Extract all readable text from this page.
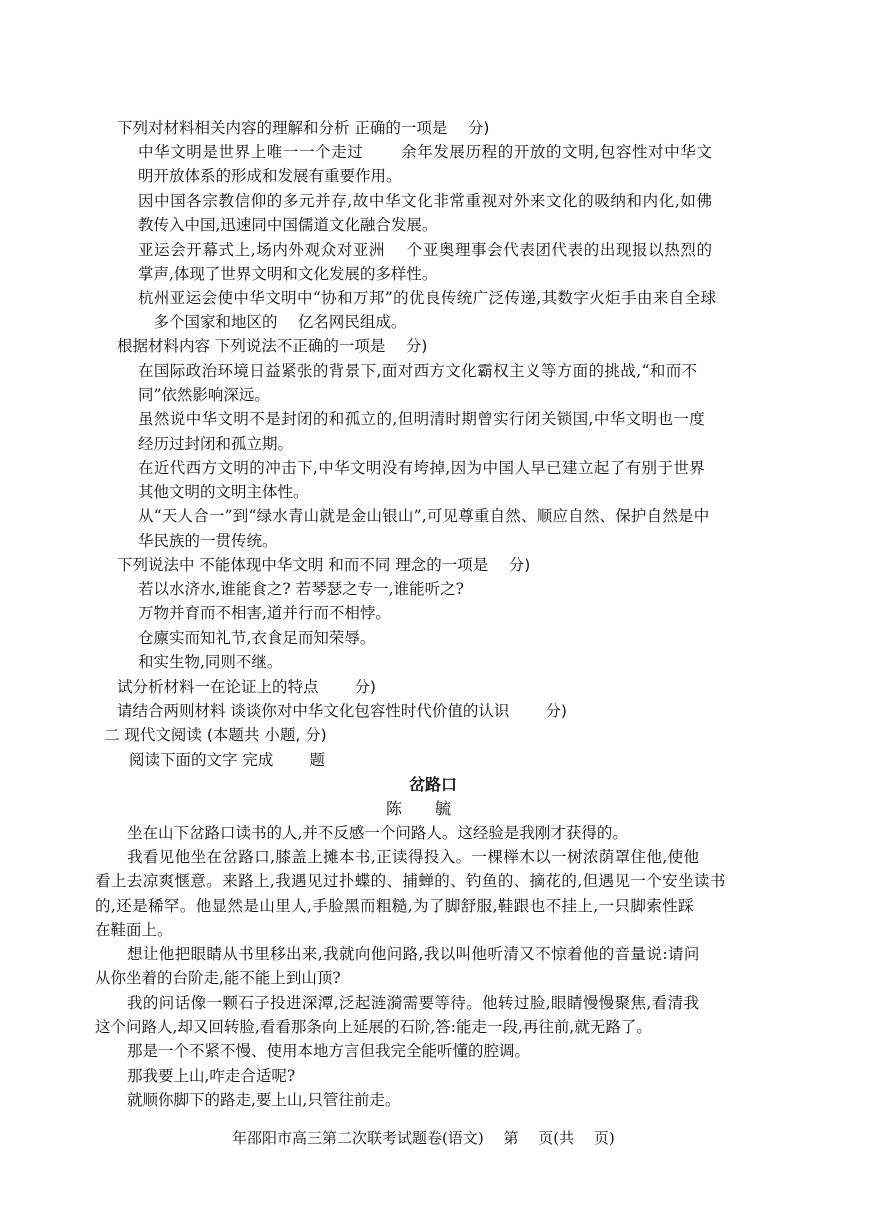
下列对材料相关内容的理解和分析 正确的一项是 　分)
中华文明是世界上唯一一个走过 　　余年发展历程的开放的文明,包容性对中华文
明开放体系的形成和发展有重要作用。
因中国各宗教信仰的多元并存,故中华文化非常重视对外来文化的吸纳和内化,如佛
教传入中国,迅速同中国儒道文化融合发展。
亚运会开幕式上,场内外观众对亚洲 　个亚奥理事会代表团代表的出现报以热烈的
掌声,体现了世界文明和文化发展的多样性。
杭州亚运会使中华文明中“协和万邦”的优良传统广泛传递,其数字火炬手由来自全球
　多个国家和地区的 　亿名网民组成。
根据材料内容 下列说法不正确的一项是 　分)
在国际政治环境日益紧张的背景下,面对西方文化霸权主义等方面的挑战,“和而不
同”依然影响深远。
虽然说中华文明不是封闭的和孤立的,但明清时期曾实行闭关锁国,中华文明也一度
经历过封闭和孤立期。
在近代西方文明的冲击下,中华文明没有垮掉,因为中国人早已建立起了有别于世界
其他文明的文明主体性。
从“天人合一”到“绿水青山就是金山银山”,可见尊重自然、顺应自然、保护自然是中
华民族的一贯传统。
下列说法中 不能体现中华文明 和而不同 理念的一项是 　分)
若以水济水,谁能食之? 若琴瑟之专一,谁能听之?
万物并育而不相害,道并行而不相悖。
仓廪实而知礼节,衣食足而知荣辱。
和实生物,同则不继。
试分析材料一在论证上的特点 　　分)
请结合两则材料 谈谈你对中华文化包容性时代价值的认识 　　分)
二 现代文阅读 (本题共 小题, 分)
阅读下面的文字 完成 　　题
岔路口
陈 毓
坐在山下岔路口读书的人,并不反感一个问路人。这经验是我刚才获得的。
我看见他坐在岔路口,膝盖上摊本书,正读得投入。一棵榉木以一树浓荫罩住他,使他
看上去凉爽惬意。来路上,我遇见过扑蝶的、捕蝉的、钓鱼的、摘花的,但遇见一个安坐读书
的,还是稀罕。他显然是山里人,手脸黑而粗糙,为了脚舒服,鞋跟也不挂上,一只脚索性踩
在鞋面上。
想让他把眼睛从书里移出来,我就向他问路,我以叫他听清又不惊着他的音量说:请问
从你坐着的台阶走,能不能上到山顶?
我的问话像一颗石子投进深潭,泛起涟漪需要等待。他转过脸,眼睛慢慢聚焦,看清我
这个问路人,却又回转脸,看看那条向上延展的石阶,答:能走一段,再往前,就无路了。
那是一个不紧不慢、使用本地方言但我完全能听懂的腔调。
那我要上山,咋走合适呢?
就顺你脚下的路走,要上山,只管往前走。
年邵阳市高三第二次联考试题卷(语文) 　第 　页(共 　页)
